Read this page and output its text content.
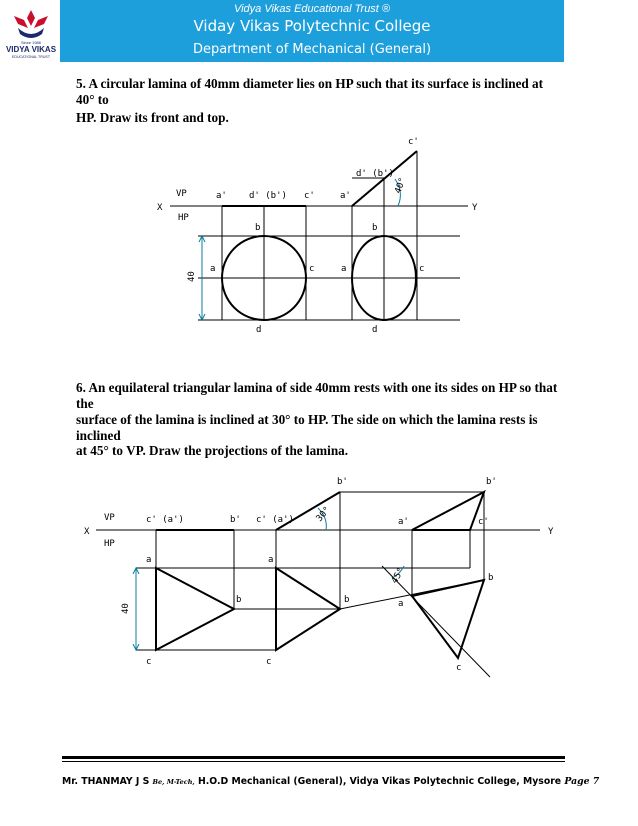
Vidya Vikas Educational Trust ®
Viday Vikas Polytechnic College
Department of Mechanical (General)
Since 1986
VIDYA VIKAS
EDUCATIONAL TRUST
5. A circular lamina of 40mm diameter lies on HP such that its surface is inclined at 40° to
HP. Draw its front and top.
c'
d' (b')
40°
VP
X
HP
Y
a' d' (b') c'	a'
b	b
a	c	a	c
d	d
40
6. An equilateral triangular lamina of side 40mm rests with one its sides on HP so that the
surface of the lamina is inclined at 30° to HP. The side on which the lamina rests is inclined
at 45° to VP. Draw the projections of the lamina.
b'	b'
VP
X
HP
Y
c' (a')	b' c' (a') 30°	a'	c'
a	a
b	b
b
a
c	c
c
40
45°
Mr. THANMAY J S Be, M-Tech, H.O.D Mechanical (General), Vidya Vikas Polytechnic College, Mysore Page 7
